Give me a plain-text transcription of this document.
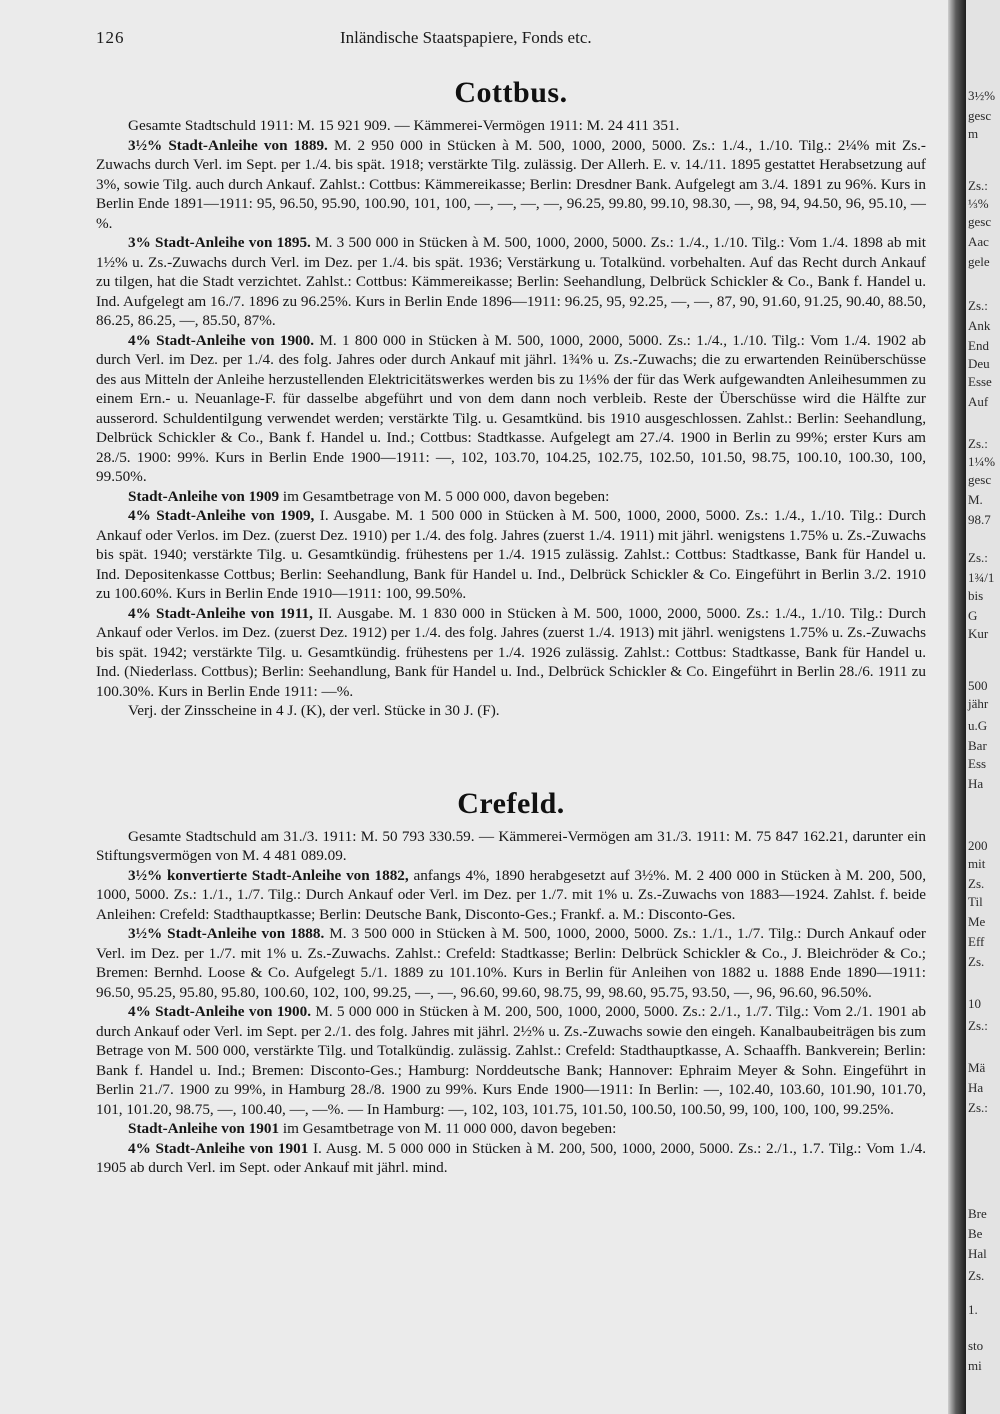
126	Inländische Staatspapiere, Fonds etc.
Cottbus.

Gesamte Stadtschuld 1911: M. 15 921 909. — Kämmerei-Vermögen 1911: M. 24 411 351.

3½% Stadt-Anleihe von 1889. M. 2 950 000 in Stücken à M. 500, 1000, 2000, 5000. Zs.: 1./4., 1./10. Tilg.: 2¼% mit Zs.-Zuwachs durch Verl. im Sept. per 1./4. bis spät. 1918; verstärkte Tilg. zulässig. Der Allerh. E. v. 14./11. 1895 gestattet Herabsetzung auf 3%, sowie Tilg. auch durch Ankauf. Zahlst.: Cottbus: Kämmereikasse; Berlin: Dresdner Bank. Aufgelegt am 3./4. 1891 zu 96%. Kurs in Berlin Ende 1891—1911: 95, 96.50, 95.90, 100.90, 101, 100, —, —, —, —, 96.25, 99.80, 99.10, 98.30, —, 98, 94, 94.50, 96, 95.10, —%.

3% Stadt-Anleihe von 1895. M. 3 500 000 in Stücken à M. 500, 1000, 2000, 5000. Zs.: 1./4., 1./10. Tilg.: Vom 1./4. 1898 ab mit 1½% u. Zs.-Zuwachs durch Verl. im Dez. per 1./4. bis spät. 1936; Verstärkung u. Totalkünd. vorbehalten. Auf das Recht durch Ankauf zu tilgen, hat die Stadt verzichtet. Zahlst.: Cottbus: Kämmereikasse; Berlin: Seehandlung, Delbrück Schickler & Co., Bank f. Handel u. Ind. Aufgelegt am 16./7. 1896 zu 96.25%. Kurs in Berlin Ende 1896—1911: 96.25, 95, 92.25, —, —, 87, 90, 91.60, 91.25, 90.40, 88.50, 86.25, 86.25, —, 85.50, 87%.

4% Stadt-Anleihe von 1900. M. 1 800 000 in Stücken à M. 500, 1000, 2000, 5000. Zs.: 1./4., 1./10. Tilg.: Vom 1./4. 1902 ab durch Verl. im Dez. per 1./4. des folg. Jahres oder durch Ankauf mit jährl. 1¾% u. Zs.-Zuwachs; die zu erwartenden Reinüberschüsse des aus Mitteln der Anleihe herzustellenden Elektricitätswerkes werden bis zu 1⅓% der für das Werk aufgewandten Anleihesummen zu einem Ern.- u. Neuanlage-F. für dasselbe abgeführt und von dem dann noch verbleib. Reste der Überschüsse wird die Hälfte zur ausserord. Schuldentilgung verwendet werden; verstärkte Tilg. u. Gesamtkünd. bis 1910 ausgeschlossen. Zahlst.: Berlin: Seehandlung, Delbrück Schickler & Co., Bank f. Handel u. Ind.; Cottbus: Stadtkasse. Aufgelegt am 27./4. 1900 in Berlin zu 99%; erster Kurs am 28./5. 1900: 99%. Kurs in Berlin Ende 1900—1911: —, 102, 103.70, 104.25, 102.75, 102.50, 101.50, 98.75, 100.10, 100.30, 100, 99.50%.

Stadt-Anleihe von 1909 im Gesamtbetrage von M. 5 000 000, davon begeben:

4% Stadt-Anleihe von 1909, I. Ausgabe. M. 1 500 000 in Stücken à M. 500, 1000, 2000, 5000. Zs.: 1./4., 1./10. Tilg.: Durch Ankauf oder Verlos. im Dez. (zuerst Dez. 1910) per 1./4. des folg. Jahres (zuerst 1./4. 1911) mit jährl. wenigstens 1.75% u. Zs.-Zuwachs bis spät. 1940; verstärkte Tilg. u. Gesamtkündig. frühestens per 1./4. 1915 zulässig. Zahlst.: Cottbus: Stadtkasse, Bank für Handel u. Ind. Depositenkasse Cottbus; Berlin: Seehandlung, Bank für Handel u. Ind., Delbrück Schickler & Co. Eingeführt in Berlin 3./2. 1910 zu 100.60%. Kurs in Berlin Ende 1910—1911: 100, 99.50%.

4% Stadt-Anleihe von 1911, II. Ausgabe. M. 1 830 000 in Stücken à M. 500, 1000, 2000, 5000. Zs.: 1./4., 1./10. Tilg.: Durch Ankauf oder Verlos. im Dez. (zuerst Dez. 1912) per 1./4. des folg. Jahres (zuerst 1./4. 1913) mit jährl. wenigstens 1.75% u. Zs.-Zuwachs bis spät. 1942; verstärkte Tilg. u. Gesamtkündig. frühestens per 1./4. 1926 zulässig. Zahlst.: Cottbus: Stadtkasse, Bank für Handel u. Ind. (Niederlass. Cottbus); Berlin: Seehandlung, Bank für Handel u. Ind., Delbrück Schickler & Co. Eingeführt in Berlin 28./6. 1911 zu 100.30%. Kurs in Berlin Ende 1911: —%.

Verj. der Zinsscheine in 4 J. (K), der verl. Stücke in 30 J. (F).

Crefeld.

Gesamte Stadtschuld am 31./3. 1911: M. 50 793 330.59. — Kämmerei-Vermögen am 31./3. 1911: M. 75 847 162.21, darunter ein Stiftungsvermögen von M. 4 481 089.09.

3½% konvertierte Stadt-Anleihe von 1882, anfangs 4%, 1890 herabgesetzt auf 3½%. M. 2 400 000 in Stücken à M. 200, 500, 1000, 5000. Zs.: 1./1., 1./7. Tilg.: Durch Ankauf oder Verl. im Dez. per 1./7. mit 1% u. Zs.-Zuwachs von 1883—1924. Zahlst. f. beide Anleihen: Crefeld: Stadthauptkasse; Berlin: Deutsche Bank, Disconto-Ges.; Frankf. a. M.: Disconto-Ges.

3½% Stadt-Anleihe von 1888. M. 3 500 000 in Stücken à M. 500, 1000, 2000, 5000. Zs.: 1./1., 1./7. Tilg.: Durch Ankauf oder Verl. im Dez. per 1./7. mit 1% u. Zs.-Zuwachs. Zahlst.: Crefeld: Stadtkasse; Berlin: Delbrück Schickler & Co., J. Bleichröder & Co.; Bremen: Bernhd. Loose & Co. Aufgelegt 5./1. 1889 zu 101.10%. Kurs in Berlin für Anleihen von 1882 u. 1888 Ende 1890—1911: 96.50, 95.25, 95.80, 95.80, 100.60, 102, 100, 99.25, —, —, 96.60, 99.60, 98.75, 99, 98.60, 95.75, 93.50, —, 96, 96.60, 96.50%.

4% Stadt-Anleihe von 1900. M. 5 000 000 in Stücken à M. 200, 500, 1000, 2000, 5000. Zs.: 2./1., 1./7. Tilg.: Vom 2./1. 1901 ab durch Ankauf oder Verl. im Sept. per 2./1. des folg. Jahres mit jährl. 2½% u. Zs.-Zuwachs sowie den eingeh. Kanalbaubeiträgen bis zum Betrage von M. 500 000, verstärkte Tilg. und Totalkündig. zulässig. Zahlst.: Crefeld: Stadthauptkasse, A. Schaaffh. Bankverein; Berlin: Bank f. Handel u. Ind.; Bremen: Disconto-Ges.; Hamburg: Norddeutsche Bank; Hannover: Ephraim Meyer & Sohn. Eingeführt in Berlin 21./7. 1900 zu 99%, in Hamburg 28./8. 1900 zu 99%. Kurs Ende 1900—1911: In Berlin: —, 102.40, 103.60, 101.90, 101.70, 101, 101.20, 98.75, —, 100.40, —, —%. — In Hamburg: —, 102, 103, 101.75, 101.50, 100.50, 100.50, 99, 100, 100, 100, 99.25%.

Stadt-Anleihe von 1901 im Gesamtbetrage von M. 11 000 000, davon begeben:

4% Stadt-Anleihe von 1901 I. Ausg. M. 5 000 000 in Stücken à M. 200, 500, 1000, 2000, 5000. Zs.: 2./1., 1.7. Tilg.: Vom 1./4. 1905 ab durch Verl. im Sept. oder Ankauf mit jährl. mind.

3½%
gesc
m
Zs.:
⅓%
gesc
Aac
gele
Zs.:
Ank
End
Deu
Esse
Auf
Zs.:
1¼%
gesc
M.
98.7
Zs.:
1¾/1
bis
G
Kur
500
jähr
u.G
Bar
Ess
Ha
200
mit
Zs.
Til
Me
Eff
Zs.
10
Zs.:
Mä
Ha
Zs.:
Bre
Be
Hal
Zs.
1.
sto
mi
